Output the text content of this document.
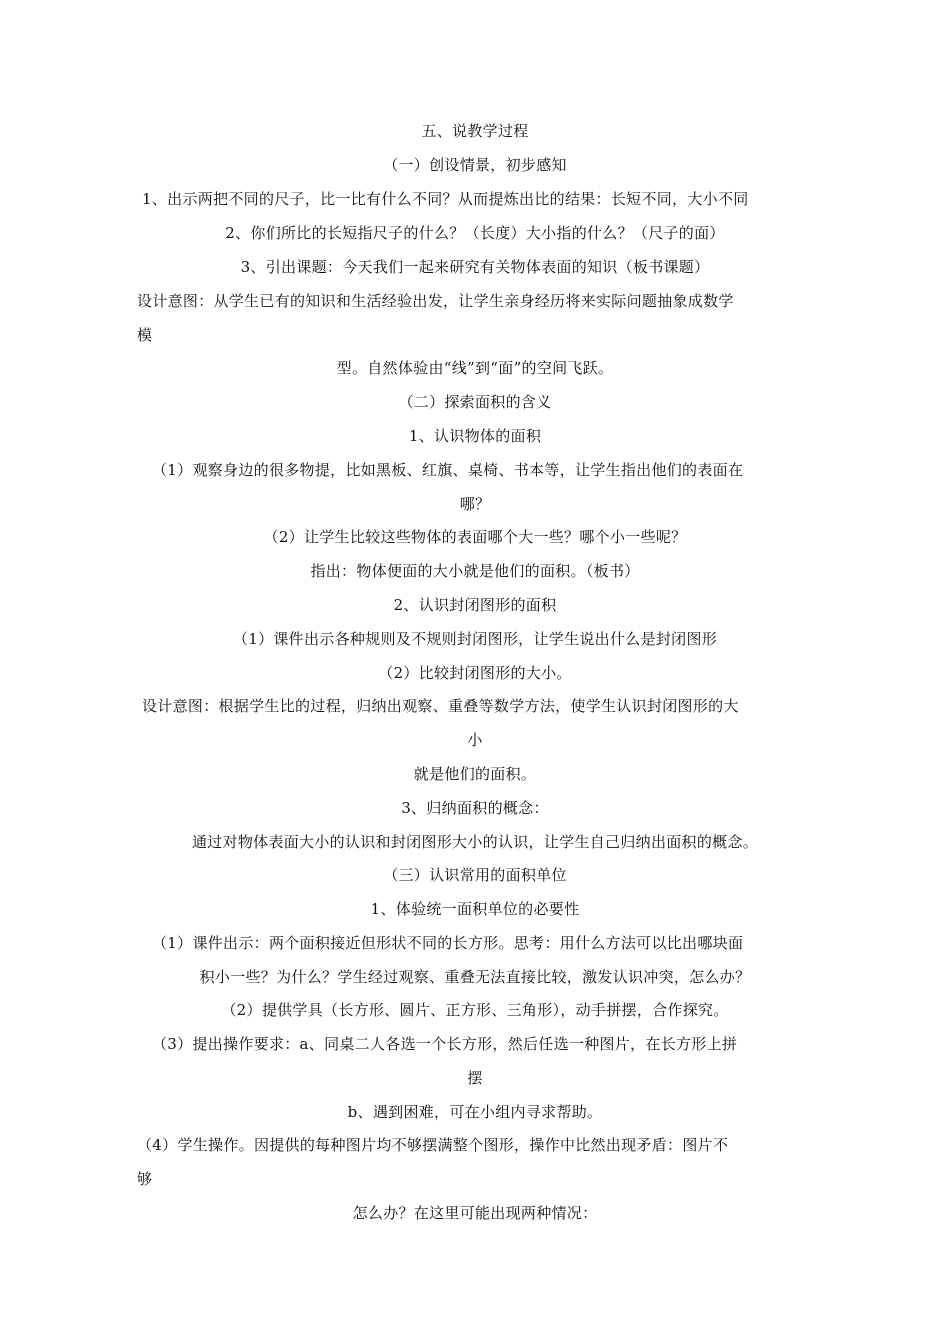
五、说教学过程
（一）创设情景，初步感知
1、出示两把不同的尺子，比一比有什么不同？从而提炼出比的结果：长短不同，大小不同
2、你们所比的长短指尺子的什么？（长度）大小指的什么？（尺子的面）
3、引出课题：今天我们一起来研究有关物体表面的知识（板书课题）
设计意图：从学生已有的知识和生活经验出发，让学生亲身经历将来实际问题抽象成数学
模
型。自然体验由“线”到“面”的空间飞跃。
（二）探索面积的含义
1、认识物体的面积
（1）观察身边的很多物提，比如黑板、红旗、桌椅、书本等，让学生指出他们的表面在
哪？
（2）让学生比较这些物体的表面哪个大一些？哪个小一些呢？
指出：物体便面的大小就是他们的面积。（板书）
2、认识封闭图形的面积
（1）课件出示各种规则及不规则封闭图形，让学生说出什么是封闭图形
（2）比较封闭图形的大小。
设计意图：根据学生比的过程，归纳出观察、重叠等数学方法，使学生认识封闭图形的大
小
就是他们的面积。
3、归纳面积的概念：
通过对物体表面大小的认识和封闭图形大小的认识，让学生自己归纳出面积的概念。
（三）认识常用的面积单位
1、体验统一面积单位的必要性
（1）课件出示：两个面积接近但形状不同的长方形。思考：用什么方法可以比出哪块面
积小一些？为什么？学生经过观察、重叠无法直接比较，激发认识冲突，怎么办？
（2）提供学具（长方形、圆片、正方形、三角形），动手拼摆，合作探究。
（3）提出操作要求：a、同桌二人各选一个长方形，然后任选一种图片，在长方形上拼
摆
b、遇到困难，可在小组内寻求帮助。
（4）学生操作。因提供的每种图片均不够摆满整个图形，操作中比然出现矛盾：图片不
够
怎么办？在这里可能出现两种情况：
